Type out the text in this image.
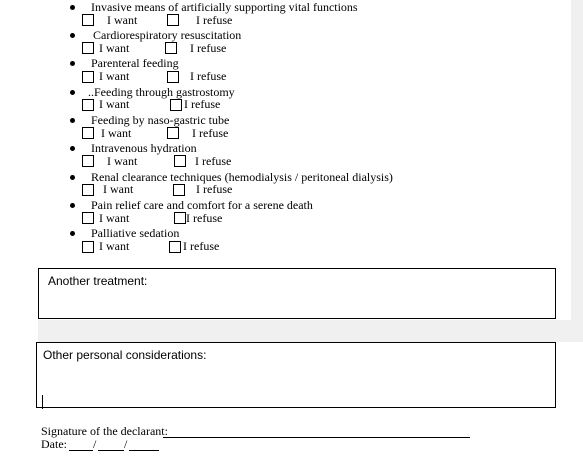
Invasive means of artificially supporting vital functions
I want	I refuse
Cardiorespiratory resuscitation
I want	I refuse
Parenteral feeding
I want	I refuse
..Feeding through gastrostomy
I want	I refuse
Feeding by naso-gastric tube
I want	I refuse
Intravenous hydration
I want	I refuse
Renal clearance techniques (hemodialysis / peritoneal dialysis)
I want	I refuse
Pain relief care and comfort for a serene death
I want	I refuse
Palliative sedation
I want	I refuse
Another treatment:
Other personal considerations:
Signature of the declarant:
Date: / /
